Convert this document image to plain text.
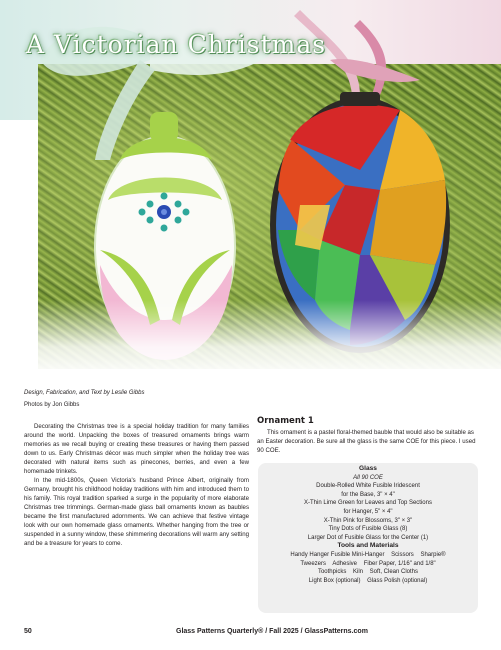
A Victorian Christmas
Design, Fabrication, and Text by Leslie Gibbs
Photos by Jon Gibbs

Decorating the Christmas tree is a special holiday tradition for many families around the world. Unpacking the boxes of treasured ornaments brings warm memories as we recall buying or creating these treasures or having them passed down to us. Early Christmas décor was much simpler when the holiday tree was decorated with natural items such as pinecones, berries, and even a few homemade trinkets.

In the mid-1800s, Queen Victoria's husband Prince Albert, originally from Germany, brought his childhood holiday traditions with him and introduced them to his family. This royal tradition sparked a surge in the popularity of more elaborate Christmas tree trimmings. German-made glass ball ornaments known as baubles became the first manufactured adornments. We can achieve that festive vintage look with our own homemade glass ornaments. Whether hanging from the tree or suspended in a sunny window, these shimmering decorations will warm any setting and be a treasure for years to come.

Ornament 1

This ornament is a pastel floral-themed bauble that would also be suitable as an Easter decoration. Be sure all the glass is the same COE for this piece. I used 90 COE.

Glass
All 90 COE
Double-Rolled White Fusible Iridescent
for the Base, 3" × 4"
X-Thin Lime Green for Leaves and Top Sections
for Hanger, 5" × 4"
X-Thin Pink for Blossoms, 3" × 3"
Tiny Dots of Fusible Glass (8)
Larger Dot of Fusible Glass for the Center (1)
Tools and Materials
Handy Hanger Fusible Mini-Hanger    Scissors    Sharpie®
Tweezers    Adhesive    Fiber Paper, 1/16" and 1/8"
Toothpicks    Kiln    Soft, Clean Cloths
Light Box (optional)    Glass Polish (optional)
50	Glass Patterns Quarterly® / Fall 2025 / GlassPatterns.com
